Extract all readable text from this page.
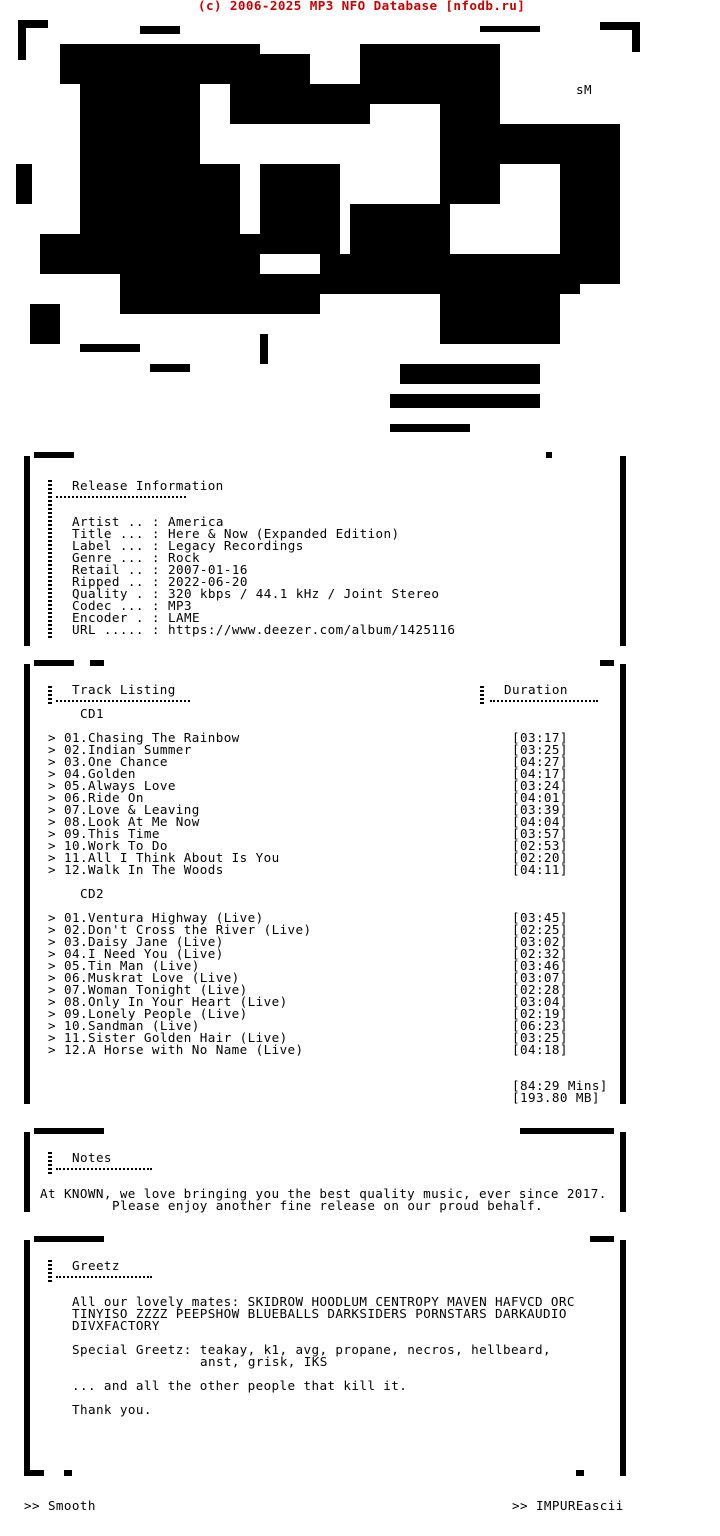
(c) 2006-2025 MP3 NFO Database [nfodb.ru]
sM
Release Information
Artist .. : America
Title ... : Here & Now (Expanded Edition)
Label ... : Legacy Recordings
Genre ... : Rock
Retail .. : 2007-01-16
Ripped .. : 2022-06-20
Quality . : 320 kbps / 44.1 kHz / Joint Stereo
Codec ... : MP3
Encoder . : LAME
URL ..... : https://www.deezer.com/album/1425116
Track Listing	Duration
CD1
> 01. Chasing The Rainbow	[03:17]
> 02. Indian Summer	[03:25]
> 03. One Chance	[04:27]
> 04. Golden	[04:17]
> 05. Always Love	[03:24]
> 06. Ride On	[04:01]
> 07. Love & Leaving	[03:39]
> 08. Look At Me Now	[04:04]
> 09. This Time	[03:57]
> 10. Work To Do	[02:53]
> 11. All I Think About Is You	[02:20]
> 12. Walk In The Woods	[04:11]
CD2
> 01. Ventura Highway (Live)	[03:45]
> 02. Don't Cross the River (Live)	[02:25]
> 03. Daisy Jane (Live)	[03:02]
> 04. I Need You (Live)	[02:32]
> 05. Tin Man (Live)	[03:46]
> 06. Muskrat Love (Live)	[03:07]
> 07. Woman Tonight (Live)	[02:28]
> 08. Only In Your Heart (Live)	[03:04]
> 09. Lonely People (Live)	[02:19]
> 10. Sandman (Live)	[06:23]
> 11. Sister Golden Hair (Live)	[03:25]
> 12. A Horse with No Name (Live)	[04:18]
[84:29 Mins]
[193.80 MB]
Notes
At KNOWN, we love bringing you the best quality music, ever since 2017.
Please enjoy another fine release on our proud behalf.
Greetz
All our lovely mates: SKIDROW HOODLUM CENTROPY MAVEN HAFVCD ORC
TINYISO ZZZZ PEEPSHOW BLUEBALLS DARKSIDERS PORNSTARS DARKAUDIO
DIVXFACTORY
Special Greetz: teakay, k1, avg, propane, necros, hellbeard,
anst, grisk, IKS
... and all the other people that kill it.
Thank you.
>> Smooth	>> IMPUREascii
